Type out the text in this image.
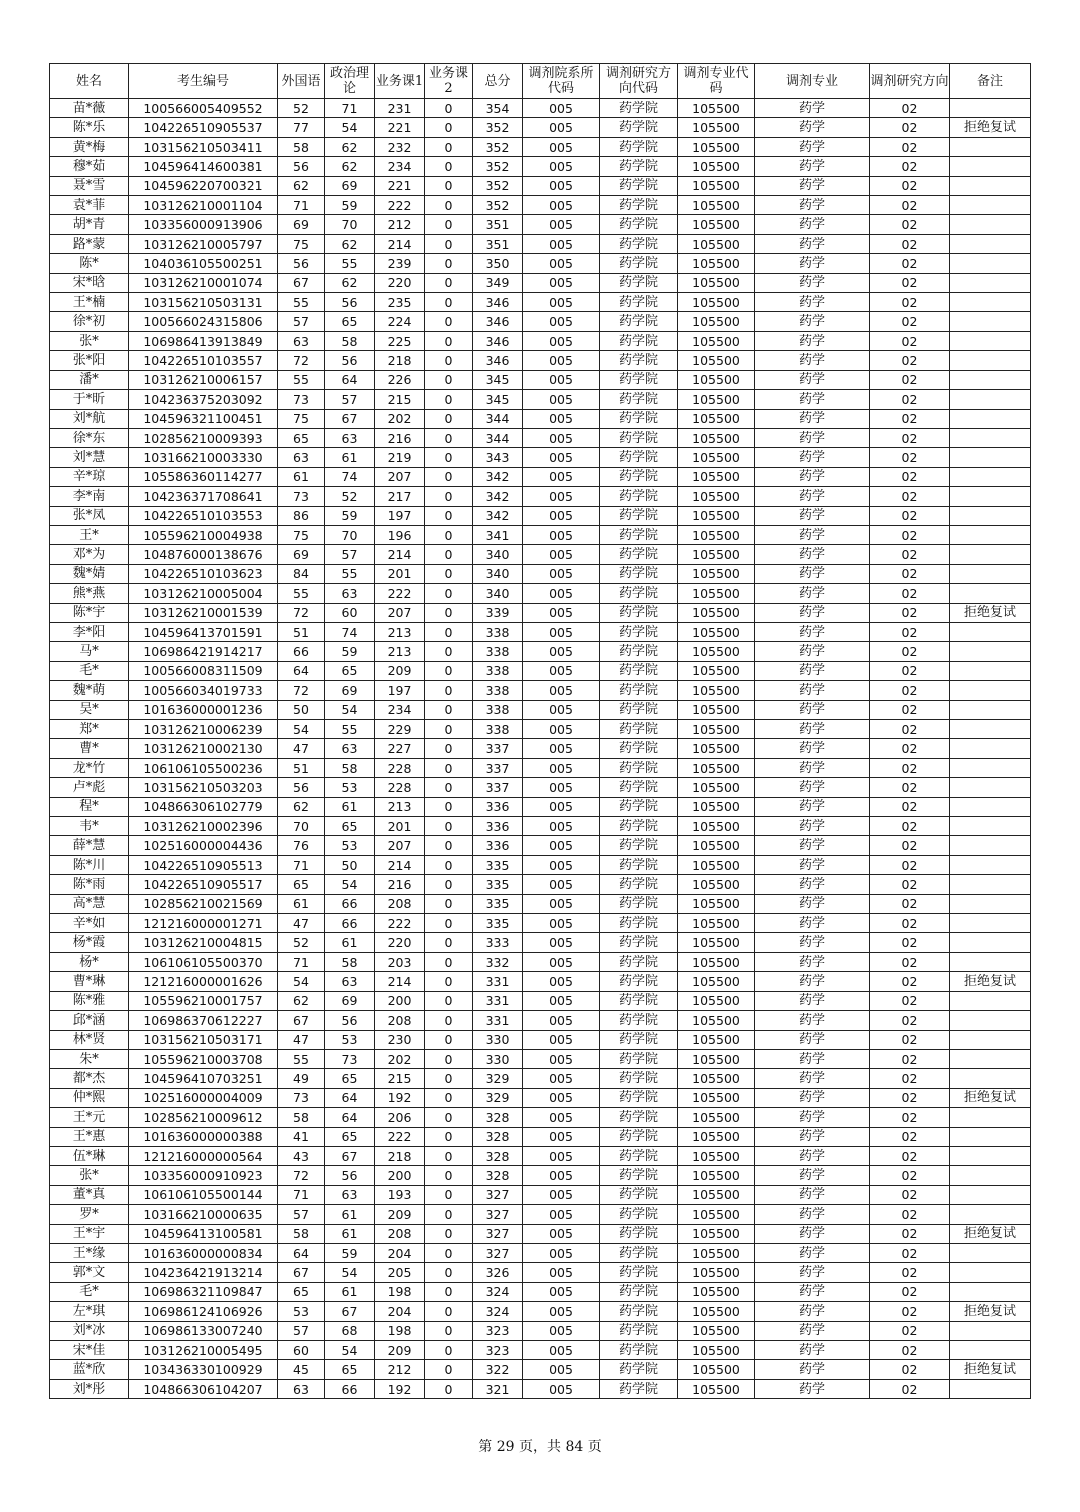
姓名	考生编号	外国语	政治理论	业务课1	业务课2	总分	调剂院系所代码	调剂研究方向代码	调剂专业代码	调剂专业	调剂研究方向	备注
苗*薇	100566005409552	52	71	231	0	354	005	药学院	105500	药学	02	
陈*乐	104226510905537	77	54	221	0	352	005	药学院	105500	药学	02	拒绝复试
黄*梅	103156210503411	58	62	232	0	352	005	药学院	105500	药学	02	
穆*茹	104596414600381	56	62	234	0	352	005	药学院	105500	药学	02	
聂*雪	104596220700321	62	69	221	0	352	005	药学院	105500	药学	02	
袁*菲	103126210001104	71	59	222	0	352	005	药学院	105500	药学	02	
胡*青	103356000913906	69	70	212	0	351	005	药学院	105500	药学	02	
路*蒙	103126210005797	75	62	214	0	351	005	药学院	105500	药学	02	
陈*	104036105500251	56	55	239	0	350	005	药学院	105500	药学	02	
宋*晗	103126210001074	67	62	220	0	349	005	药学院	105500	药学	02	
王*楠	103156210503131	55	56	235	0	346	005	药学院	105500	药学	02	
徐*初	100566024315806	57	65	224	0	346	005	药学院	105500	药学	02	
张*	106986413913849	63	58	225	0	346	005	药学院	105500	药学	02	
张*阳	104226510103557	72	56	218	0	346	005	药学院	105500	药学	02	
潘*	103126210006157	55	64	226	0	345	005	药学院	105500	药学	02	
于*昕	104236375203092	73	57	215	0	345	005	药学院	105500	药学	02	
刘*航	104596321100451	75	67	202	0	344	005	药学院	105500	药学	02	
徐*东	102856210009393	65	63	216	0	344	005	药学院	105500	药学	02	
刘*慧	103166210003330	63	61	219	0	343	005	药学院	105500	药学	02	
辛*琼	105586360114277	61	74	207	0	342	005	药学院	105500	药学	02	
李*南	104236371708641	73	52	217	0	342	005	药学院	105500	药学	02	
张*凤	104226510103553	86	59	197	0	342	005	药学院	105500	药学	02	
王*	105596210004938	75	70	196	0	341	005	药学院	105500	药学	02	
邓*为	104876000138676	69	57	214	0	340	005	药学院	105500	药学	02	
魏*婧	104226510103623	84	55	201	0	340	005	药学院	105500	药学	02	
熊*燕	103126210005004	55	63	222	0	340	005	药学院	105500	药学	02	
陈*宇	103126210001539	72	60	207	0	339	005	药学院	105500	药学	02	拒绝复试
李*阳	104596413701591	51	74	213	0	338	005	药学院	105500	药学	02	
马*	106986421914217	66	59	213	0	338	005	药学院	105500	药学	02	
毛*	100566008311509	64	65	209	0	338	005	药学院	105500	药学	02	
魏*萌	100566034019733	72	69	197	0	338	005	药学院	105500	药学	02	
吴*	101636000001236	50	54	234	0	338	005	药学院	105500	药学	02	
郑*	103126210006239	54	55	229	0	338	005	药学院	105500	药学	02	
曹*	103126210002130	47	63	227	0	337	005	药学院	105500	药学	02	
龙*竹	106106105500236	51	58	228	0	337	005	药学院	105500	药学	02	
卢*彪	103156210503203	56	53	228	0	337	005	药学院	105500	药学	02	
程*	104866306102779	62	61	213	0	336	005	药学院	105500	药学	02	
韦*	103126210002396	70	65	201	0	336	005	药学院	105500	药学	02	
薛*慧	102516000004436	76	53	207	0	336	005	药学院	105500	药学	02	
陈*川	104226510905513	71	50	214	0	335	005	药学院	105500	药学	02	
陈*雨	104226510905517	65	54	216	0	335	005	药学院	105500	药学	02	
高*慧	102856210021569	61	66	208	0	335	005	药学院	105500	药学	02	
辛*如	121216000001271	47	66	222	0	335	005	药学院	105500	药学	02	
杨*霞	103126210004815	52	61	220	0	333	005	药学院	105500	药学	02	
杨*	106106105500370	71	58	203	0	332	005	药学院	105500	药学	02	
曹*琳	121216000001626	54	63	214	0	331	005	药学院	105500	药学	02	拒绝复试
陈*雅	105596210001757	62	69	200	0	331	005	药学院	105500	药学	02	
邱*涵	106986370612227	67	56	208	0	331	005	药学院	105500	药学	02	
林*贤	103156210503171	47	53	230	0	330	005	药学院	105500	药学	02	
朱*	105596210003708	55	73	202	0	330	005	药学院	105500	药学	02	
都*杰	104596410703251	49	65	215	0	329	005	药学院	105500	药学	02	
仲*熙	102516000004009	73	64	192	0	329	005	药学院	105500	药学	02	拒绝复试
王*元	102856210009612	58	64	206	0	328	005	药学院	105500	药学	02	
王*惠	101636000000388	41	65	222	0	328	005	药学院	105500	药学	02	
伍*琳	121216000000564	43	67	218	0	328	005	药学院	105500	药学	02	
张*	103356000910923	72	56	200	0	328	005	药学院	105500	药学	02	
董*真	106106105500144	71	63	193	0	327	005	药学院	105500	药学	02	
罗*	103166210000635	57	61	209	0	327	005	药学院	105500	药学	02	
王*宇	104596413100581	58	61	208	0	327	005	药学院	105500	药学	02	拒绝复试
王*缘	101636000000834	64	59	204	0	327	005	药学院	105500	药学	02	
郭*文	104236421913214	67	54	205	0	326	005	药学院	105500	药学	02	
毛*	106986321109847	65	61	198	0	324	005	药学院	105500	药学	02	
左*琪	106986124106926	53	67	204	0	324	005	药学院	105500	药学	02	拒绝复试
刘*冰	106986133007240	57	68	198	0	323	005	药学院	105500	药学	02	
宋*佳	103126210005495	60	54	209	0	323	005	药学院	105500	药学	02	
蓝*欣	103436330100929	45	65	212	0	322	005	药学院	105500	药学	02	拒绝复试
刘*彤	104866306104207	63	66	192	0	321	005	药学院	105500	药学	02	
第 29 页，共 84 页
